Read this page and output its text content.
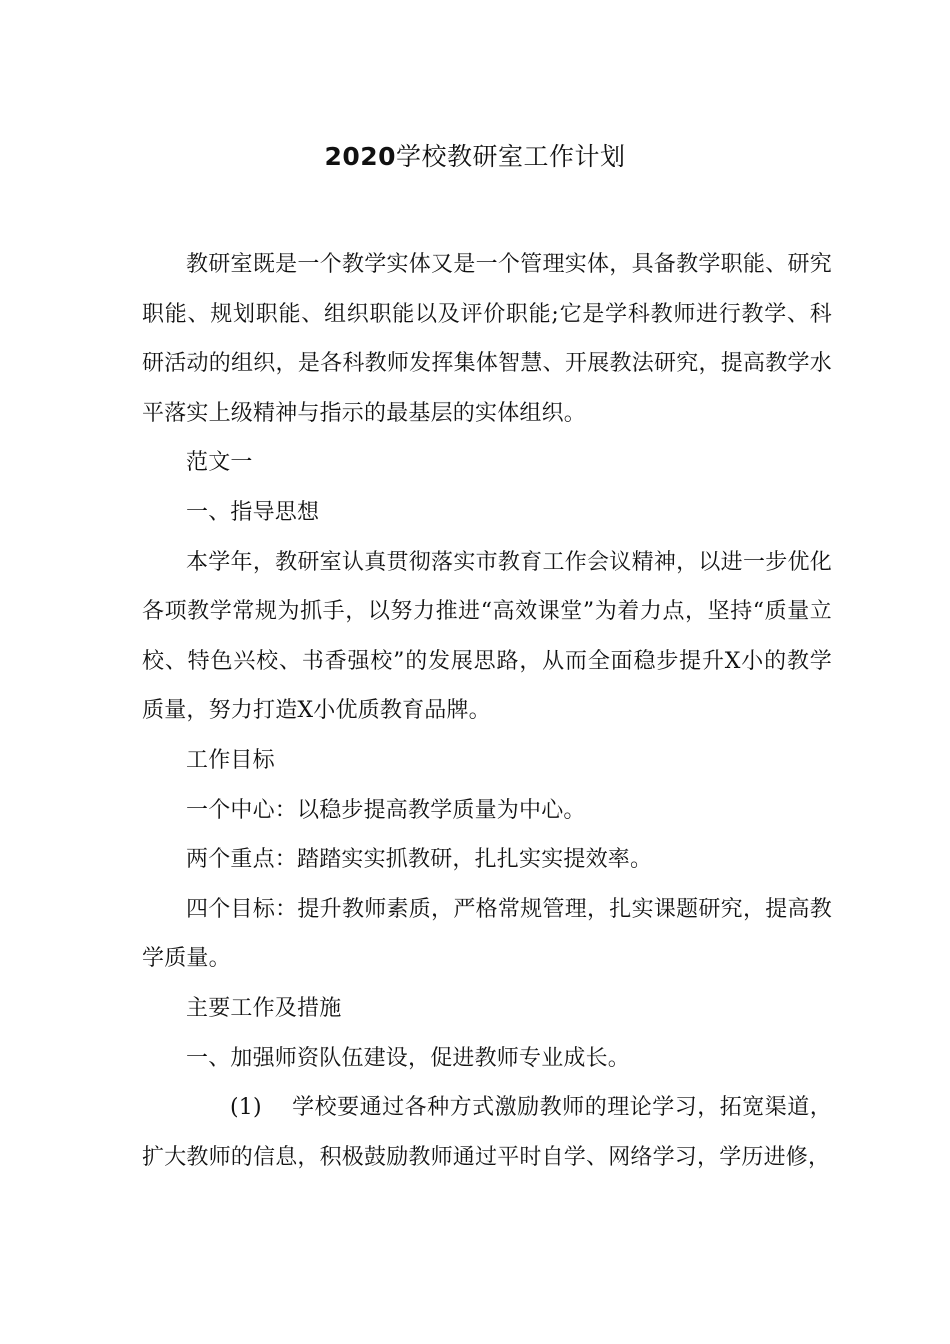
2020学校教研室工作计划

教研室既是一个教学实体又是一个管理实体，具备教学职能、研究职能、规划职能、组织职能以及评价职能;它是学科教师进行教学、科研活动的组织，是各科教师发挥集体智慧、开展教法研究，提高教学水平落实上级精神与指示的最基层的实体组织。

范文一

一、指导思想

本学年，教研室认真贯彻落实市教育工作会议精神，以进一步优化各项教学常规为抓手，以努力推进“高效课堂”为着力点，坚持“质量立校、特色兴校、书香强校”的发展思路，从而全面稳步提升X小的教学质量，努力打造X小优质教育品牌。

工作目标

一个中心：以稳步提高教学质量为中心。

两个重点：踏踏实实抓教研，扎扎实实提效率。

四个目标：提升教师素质，严格常规管理，扎实课题研究，提高教学质量。

主要工作及措施

一、加强师资队伍建设，促进教师专业成长。

(1) 学校要通过各种方式激励教师的理论学习，拓宽渠道，扩大教师的信息，积极鼓励教师通过平时自学、网络学习，学历进修，
